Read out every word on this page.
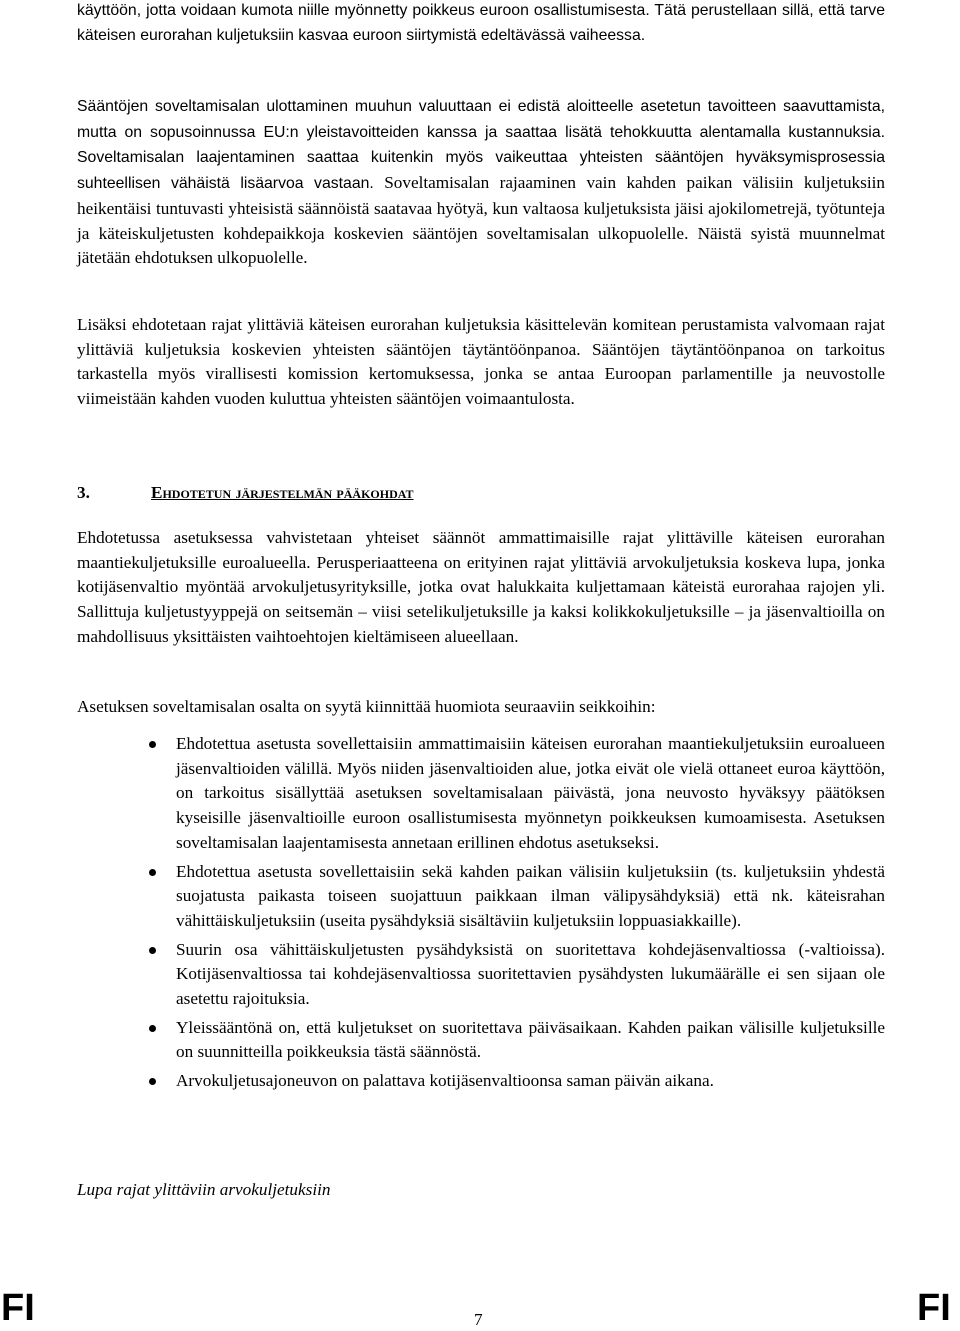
käyttöön, jotta voidaan kumota niille myönnetty poikkeus euroon osallistumisesta. Tätä perustellaan sillä, että tarve käteisen eurorahan kuljetuksiin kasvaa euroon siirtymistä edeltävässä vaiheessa.

Sääntöjen soveltamisalan ulottaminen muuhun valuuttaan ei edistä aloitteelle asetetun tavoitteen saavuttamista, mutta on sopusoinnussa EU:n yleistavoitteiden kanssa ja saattaa lisätä tehokkuutta alentamalla kustannuksia. Soveltamisalan laajentaminen saattaa kuitenkin myös vaikeuttaa yhteisten sääntöjen hyväksymisprosessia suhteellisen vähäistä lisäarvoa vastaan. Soveltamisalan rajaaminen vain kahden paikan välisiin kuljetuksiin heikentäisi tuntuvasti yhteisistä säännöistä saatavaa hyötyä, kun valtaosa kuljetuksista jäisi ajokilometrejä, työtunteja ja käteiskuljetusten kohdepaikkoja koskevien sääntöjen soveltamisalan ulkopuolelle. Näistä syistä muunnelmat jätetään ehdotuksen ulkopuolelle.

Lisäksi ehdotetaan rajat ylittäviä käteisen eurorahan kuljetuksia käsittelevän komitean perustamista valvomaan rajat ylittäviä kuljetuksia koskevien yhteisten sääntöjen täytäntöönpanoa. Sääntöjen täytäntöönpanoa on tarkoitus tarkastella myös virallisesti komission kertomuksessa, jonka se antaa Euroopan parlamentille ja neuvostolle viimeistään kahden vuoden kuluttua yhteisten sääntöjen voimaantulosta.

3.	Ehdotetun järjestelmän pääkohdat

Ehdotetussa asetuksessa vahvistetaan yhteiset säännöt ammattimaisille rajat ylittäville käteisen eurorahan maantiekuljetuksille euroalueella. Perusperiaatteena on erityinen rajat ylittäviä arvokuljetuksia koskeva lupa, jonka kotijäsenvaltio myöntää arvokuljetusyrityksille, jotka ovat halukkaita kuljettamaan käteistä eurorahaa rajojen yli. Sallittuja kuljetustyyppejä on seitsemän – viisi setelikuljetuksille ja kaksi kolikkokuljetuksille – ja jäsenvaltioilla on mahdollisuus yksittäisten vaihtoehtojen kieltämiseen alueellaan.

Asetuksen soveltamisalan osalta on syytä kiinnittää huomiota seuraaviin seikkoihin:

Ehdotettua asetusta sovellettaisiin ammattimaisiin käteisen eurorahan maantiekuljetuksiin euroalueen jäsenvaltioiden välillä. Myös niiden jäsenvaltioiden alue, jotka eivät ole vielä ottaneet euroa käyttöön, on tarkoitus sisällyttää asetuksen soveltamisalaan päivästä, jona neuvosto hyväksyy päätöksen kyseisille jäsenvaltioille euroon osallistumisesta myönnetyn poikkeuksen kumoamisesta. Asetuksen soveltamisalan laajentamisesta annetaan erillinen ehdotus asetukseksi.
Ehdotettua asetusta sovellettaisiin sekä kahden paikan välisiin kuljetuksiin (ts. kuljetuksiin yhdestä suojatusta paikasta toiseen suojattuun paikkaan ilman välipysähdyksiä) että nk. käteisrahan vähittäiskuljetuksiin (useita pysähdyksiä sisältäviin kuljetuksiin loppuasiakkaille).
Suurin osa vähittäiskuljetusten pysähdyksistä on suoritettava kohdejäsenvaltiossa (-valtioissa). Kotijäsenvaltiossa tai kohdejäsenvaltiossa suoritettavien pysähdysten lukumäärälle ei sen sijaan ole asetettu rajoituksia.
Yleissääntönä on, että kuljetukset on suoritettava päiväsaikaan. Kahden paikan välisille kuljetuksille on suunnitteilla poikkeuksia tästä säännöstä.
Arvokuljetusajoneuvon on palattava kotijäsenvaltioonsa saman päivän aikana.
Lupa rajat ylittäviin arvokuljetuksiin
FI	7	FI
